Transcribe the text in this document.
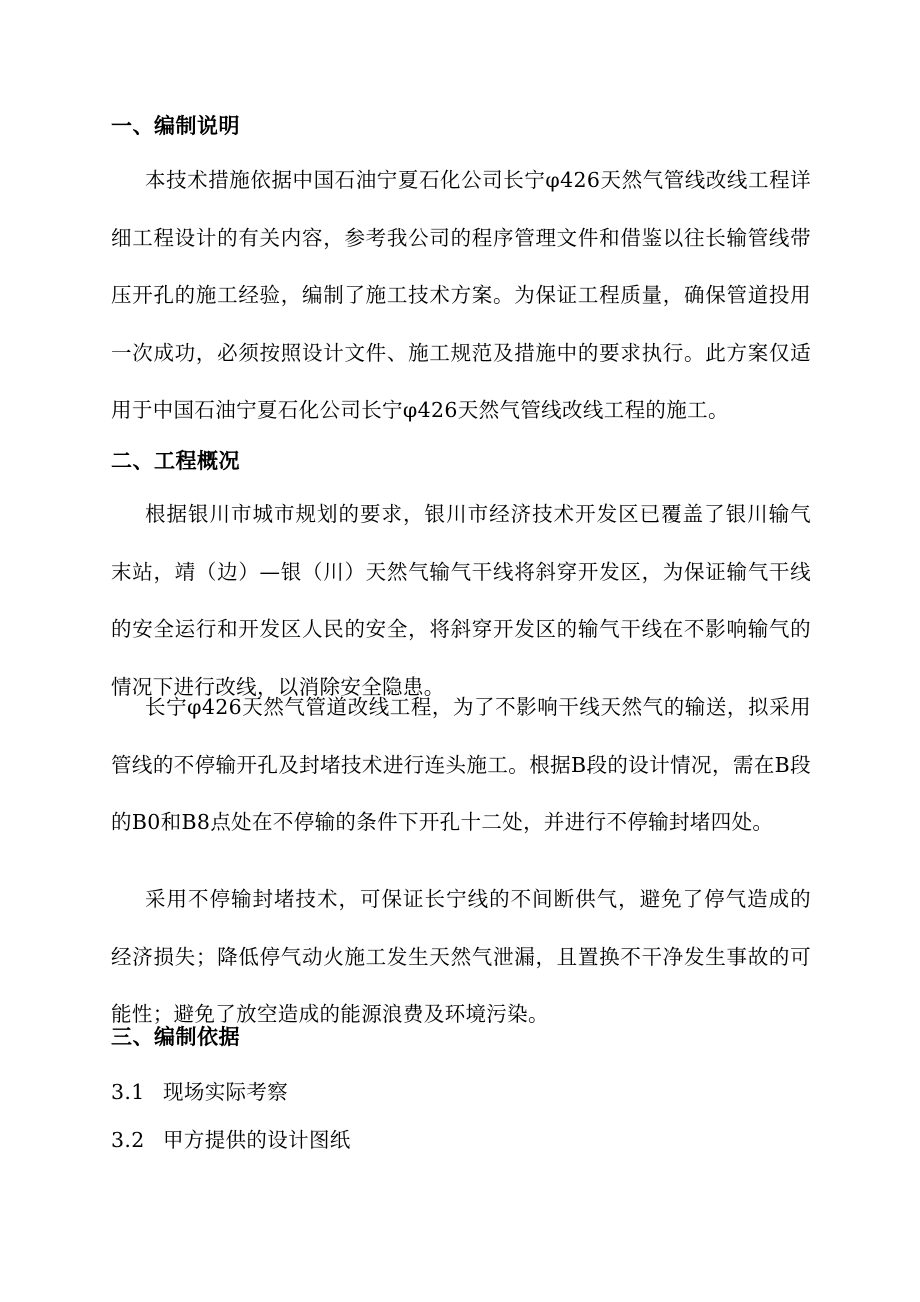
一、编制说明
本技术措施依据中国石油宁夏石化公司长宁φ426天然气管线改线工程详细工程设计的有关内容，参考我公司的程序管理文件和借鉴以往长输管线带压开孔的施工经验，编制了施工技术方案。为保证工程质量，确保管道投用一次成功，必须按照设计文件、施工规范及措施中的要求执行。此方案仅适用于中国石油宁夏石化公司长宁φ426天然气管线改线工程的施工。
二、工程概况
根据银川市城市规划的要求，银川市经济技术开发区已覆盖了银川输气末站，靖（边）—银（川）天然气输气干线将斜穿开发区，为保证输气干线的安全运行和开发区人民的安全，将斜穿开发区的输气干线在不影响输气的情况下进行改线，以消除安全隐患。
长宁φ426天然气管道改线工程，为了不影响干线天然气的输送，拟采用管线的不停输开孔及封堵技术进行连头施工。根据B段的设计情况，需在B段的B0和B8点处在不停输的条件下开孔十二处，并进行不停输封堵四处。
采用不停输封堵技术，可保证长宁线的不间断供气，避免了停气造成的经济损失；降低停气动火施工发生天然气泄漏，且置换不干净发生事故的可能性；避免了放空造成的能源浪费及环境污染。
三、编制依据
3.1 现场实际考察
3.2 甲方提供的设计图纸
